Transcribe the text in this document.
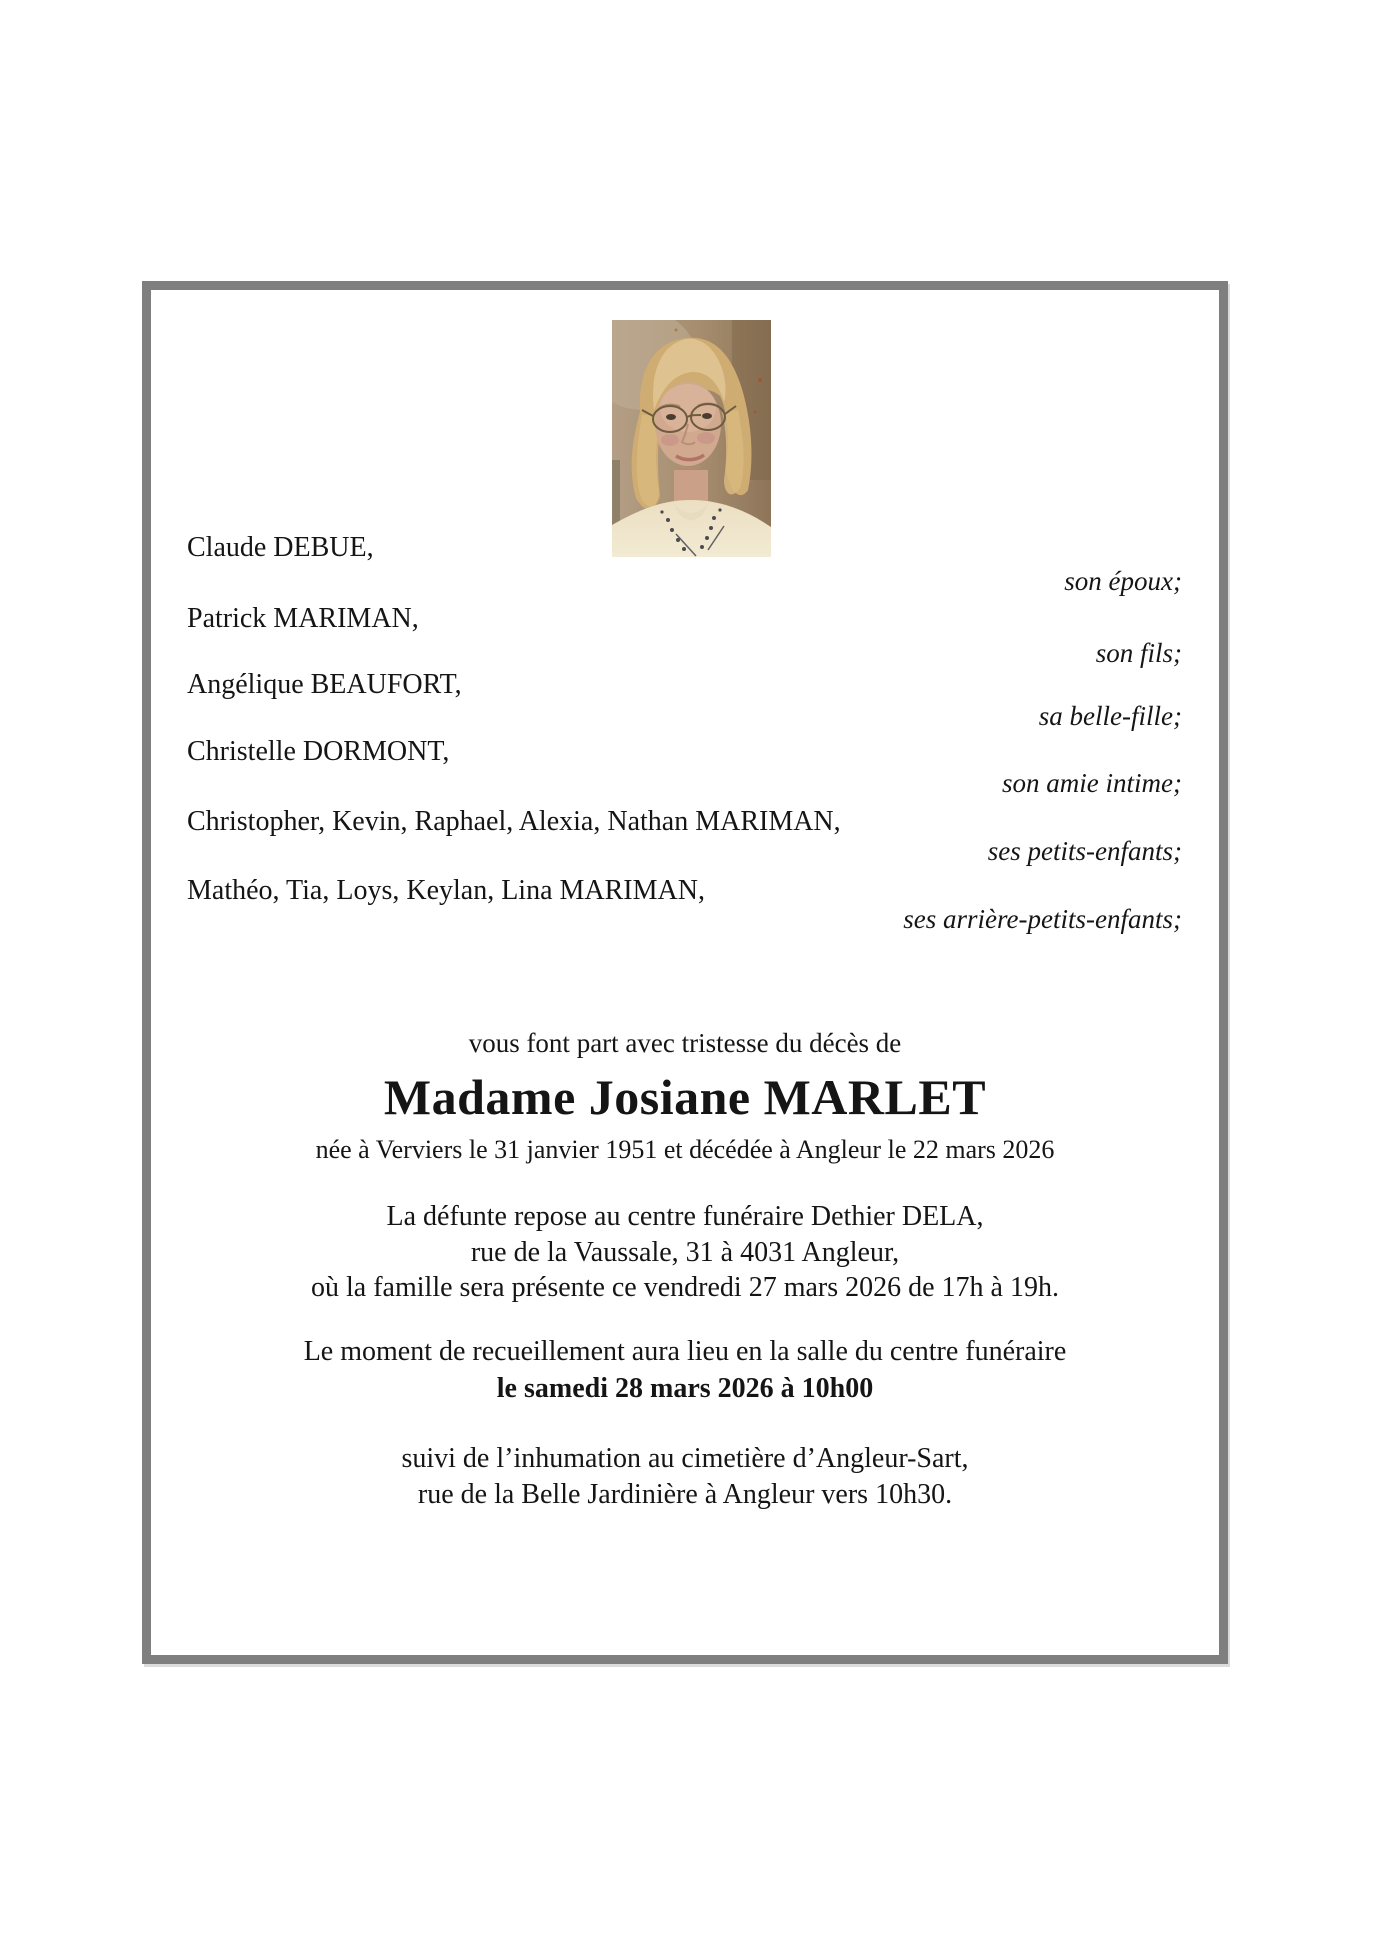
Claude DEBUE,
son époux;
Patrick MARIMAN,
son fils;
Angélique BEAUFORT,
sa belle-fille;
Christelle DORMONT,
son amie intime;
Christopher, Kevin, Raphael, Alexia, Nathan MARIMAN,
ses petits-enfants;
Mathéo, Tia, Loys, Keylan, Lina MARIMAN,
ses arrière-petits-enfants;
vous font part avec tristesse du décès de
Madame Josiane MARLET
née à Verviers le 31 janvier 1951 et décédée à Angleur le 22 mars 2026
La défunte repose au centre funéraire Dethier DELA,
rue de la Vaussale, 31 à 4031 Angleur,
où la famille sera présente ce vendredi 27 mars 2026 de 17h à 19h.
Le moment de recueillement aura lieu en la salle du centre funéraire
le samedi 28 mars 2026 à 10h00
suivi de l’inhumation au cimetière d’Angleur-Sart,
rue de la Belle Jardinière à Angleur vers 10h30.
